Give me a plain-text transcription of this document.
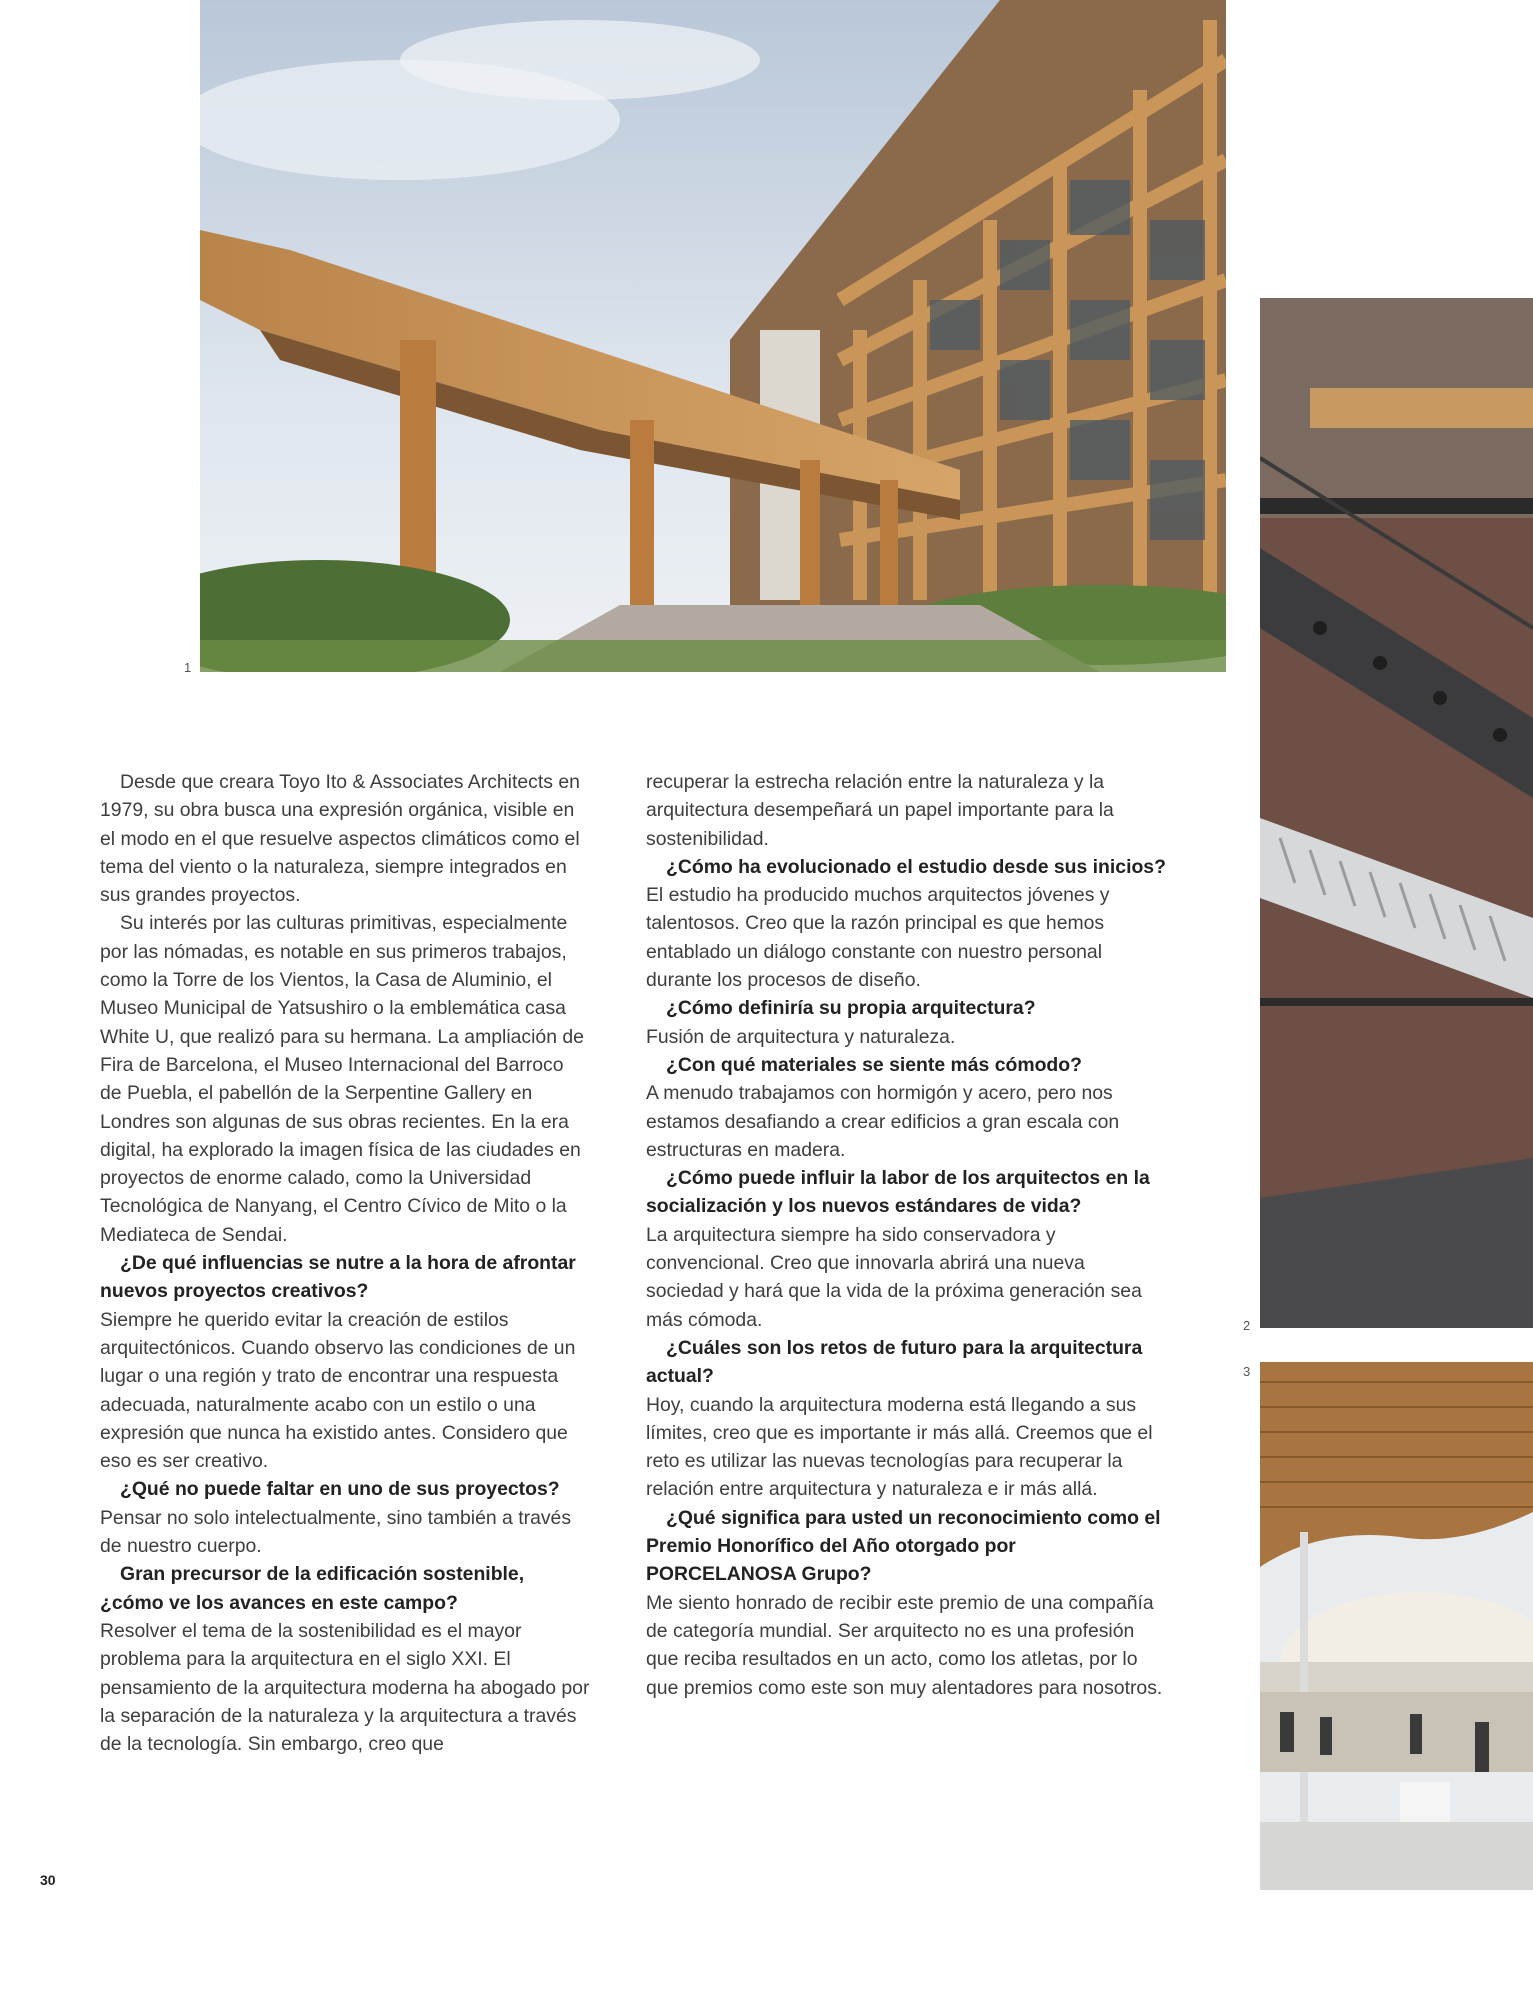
1
2
3

Desde que creara Toyo Ito & Associates Architects en 1979, su obra busca una expresión orgánica, visible en el modo en el que resuelve aspectos climáticos como el tema del viento o la naturaleza, siempre integrados en sus grandes proyectos.

Su interés por las culturas primitivas, especialmente por las nómadas, es notable en sus primeros trabajos, como la Torre de los Vientos, la Casa de Aluminio, el Museo Municipal de Yatsushiro o la emblemática casa White U, que realizó para su hermana. La ampliación de Fira de Barcelona, el Museo Internacional del Barroco de Puebla, el pabellón de la Serpentine Gallery en Londres son algunas de sus obras recientes. En la era digital, ha explorado la imagen física de las ciudades en proyectos de enorme calado, como la Universidad Tecnológica de Nanyang, el Centro Cívico de Mito o la Mediateca de Sendai.

¿De qué influencias se nutre a la hora de afrontar nuevos proyectos creativos?

Siempre he querido evitar la creación de estilos arquitectónicos. Cuando observo las condiciones de un lugar o una región y trato de encontrar una respuesta adecuada, naturalmente acabo con un estilo o una expresión que nunca ha existido antes. Considero que eso es ser creativo.

¿Qué no puede faltar en uno de sus proyectos?

Pensar no solo intelectualmente, sino también a través de nuestro cuerpo.

Gran precursor de la edificación sostenible, ¿cómo ve los avances en este campo?

Resolver el tema de la sostenibilidad es el mayor problema para la arquitectura en el siglo XXI. El pensamiento de la arquitectura moderna ha abogado por la separación de la naturaleza y la arquitectura a través de la tecnología. Sin embargo, creo que

recuperar la estrecha relación entre la naturaleza y la arquitectura desempeñará un papel importante para la sostenibilidad.

¿Cómo ha evolucionado el estudio desde sus inicios?

El estudio ha producido muchos arquitectos jóvenes y talentosos. Creo que la razón principal es que hemos entablado un diálogo constante con nuestro personal durante los procesos de diseño.

¿Cómo definiría su propia arquitectura?

Fusión de arquitectura y naturaleza.

¿Con qué materiales se siente más cómodo?

A menudo trabajamos con hormigón y acero, pero nos estamos desafiando a crear edificios a gran escala con estructuras en madera.

¿Cómo puede influir la labor de los arquitectos en la socialización y los nuevos estándares de vida?

La arquitectura siempre ha sido conservadora y convencional. Creo que innovarla abrirá una nueva sociedad y hará que la vida de la próxima generación sea más cómoda.

¿Cuáles son los retos de futuro para la arquitectura actual?

Hoy, cuando la arquitectura moderna está llegando a sus límites, creo que es importante ir más allá. Creemos que el reto es utilizar las nuevas tecnologías para recuperar la relación entre arquitectura y naturaleza e ir más allá.

¿Qué significa para usted un reconocimiento como el Premio Honorífico del Año otorgado por PORCELANOSA Grupo?

Me siento honrado de recibir este premio de una compañía de categoría mundial. Ser arquitecto no es una profesión que reciba resultados en un acto, como los atletas, por lo que premios como este son muy alentadores para nosotros.

30
